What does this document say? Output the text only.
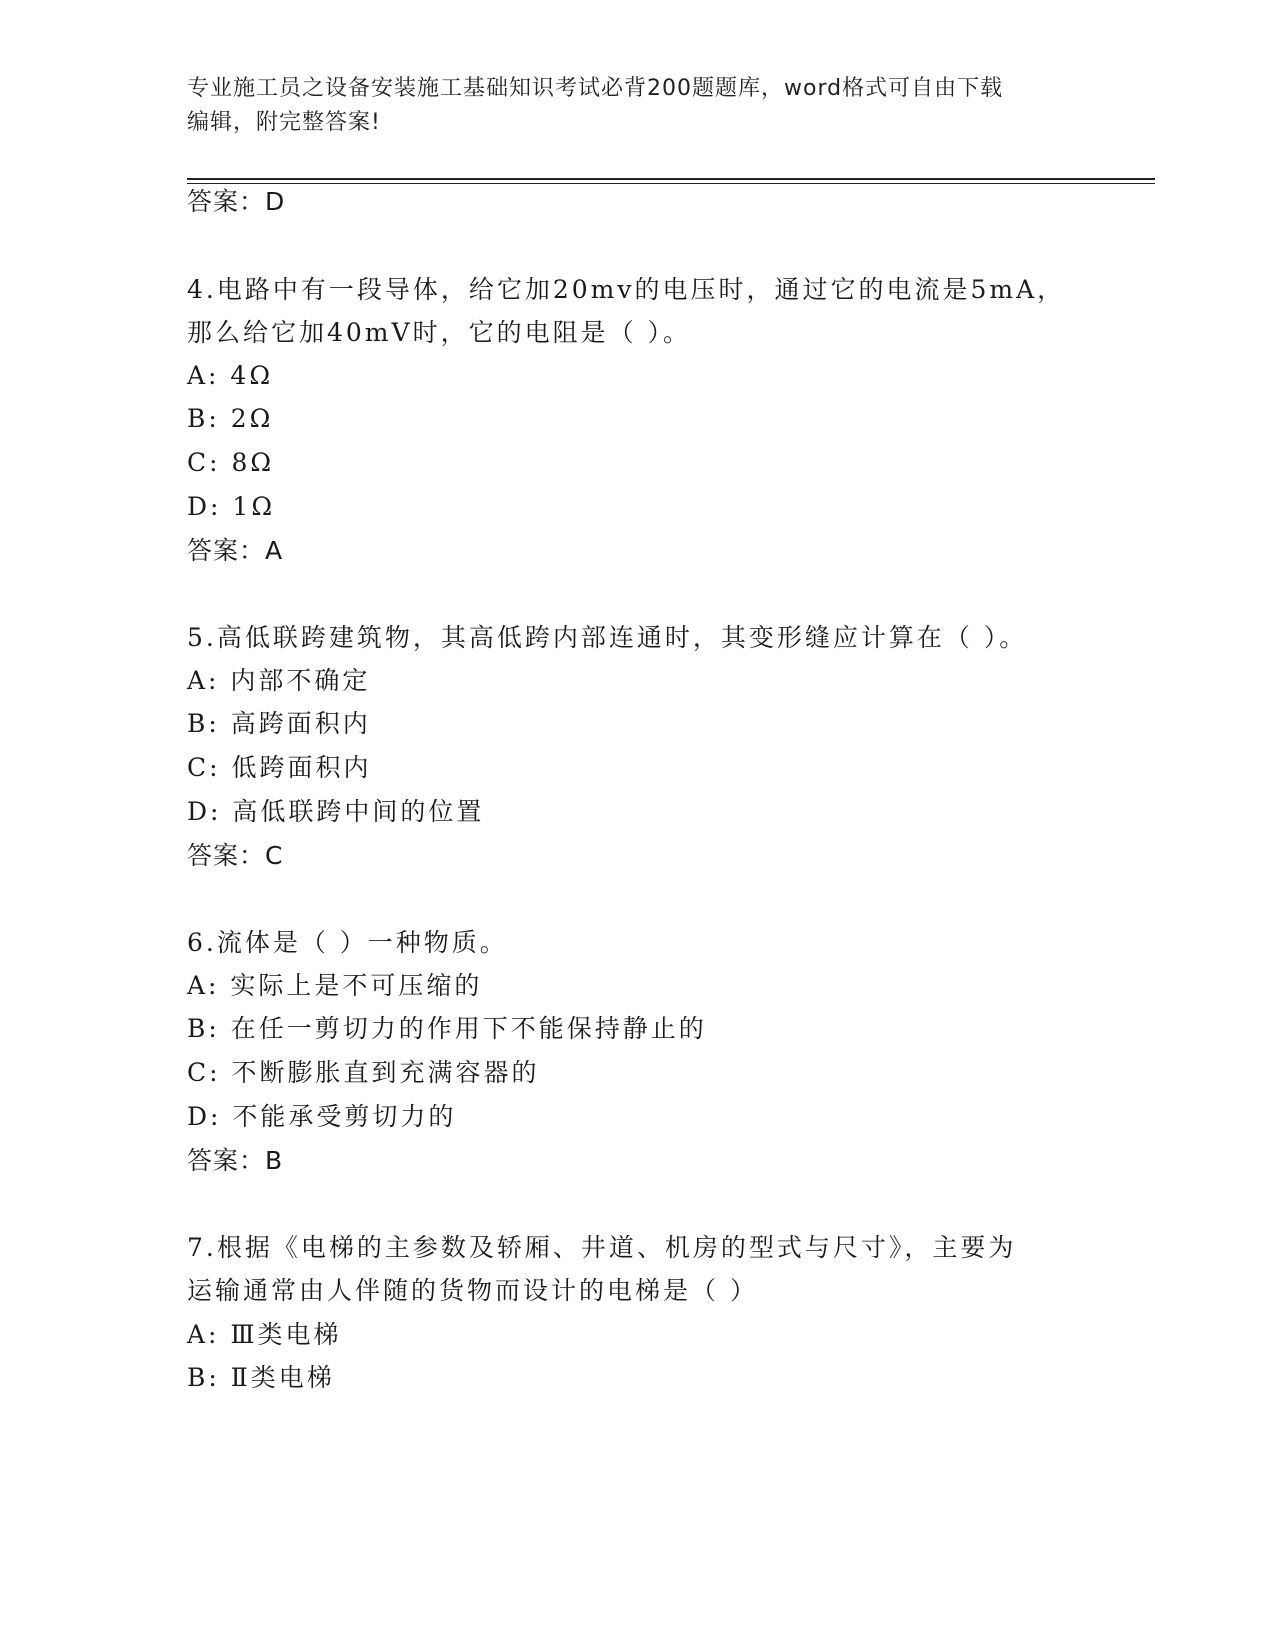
专业施工员之设备安装施工基础知识考试必背200题题库，word格式可自由下载
编辑，附完整答案!
答案：D
4.电路中有一段导体，给它加20mv的电压时，通过它的电流是5mA，
那么给它加40mV时，它的电阻是（ ）。
A: 4Ω
B: 2Ω
C: 8Ω
D: 1Ω
答案：A
5.高低联跨建筑物，其高低跨内部连通时，其变形缝应计算在（ ）。
A: 内部不确定
B: 高跨面积内
C: 低跨面积内
D: 高低联跨中间的位置
答案：C
6.流体是（ ）一种物质。
A: 实际上是不可压缩的
B: 在任一剪切力的作用下不能保持静止的
C: 不断膨胀直到充满容器的
D: 不能承受剪切力的
答案：B
7.根据《电梯的主参数及轿厢、井道、机房的型式与尺寸》，主要为
运输通常由人伴随的货物而设计的电梯是（ ）
A: Ⅲ类电梯
B: Ⅱ类电梯
